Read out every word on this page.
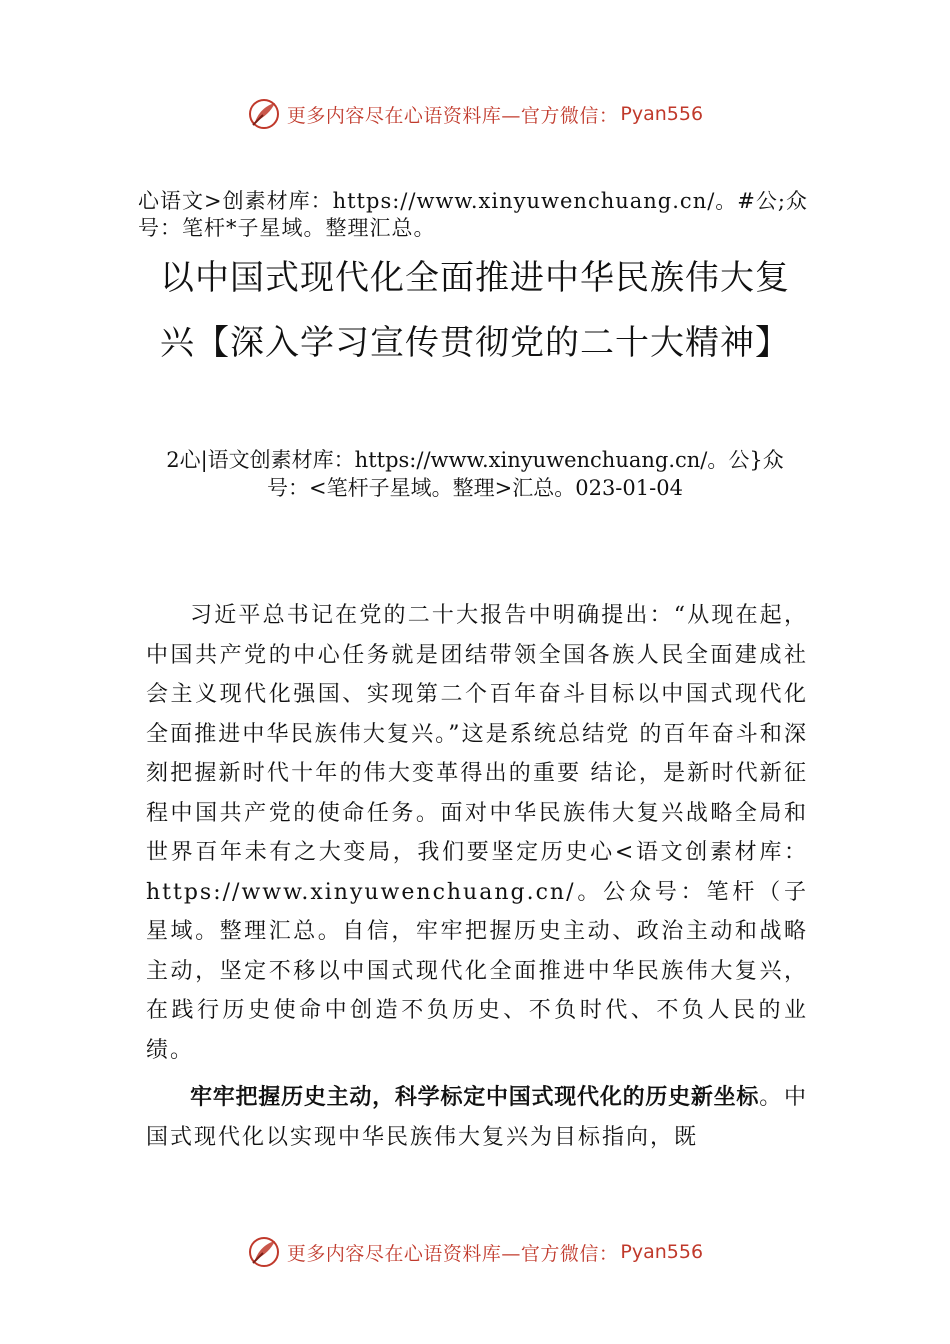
更多内容尽在心语资料库—官方微信： Pyan556
心语文>创素材库：https://www.xinyuwenchuang.cn/。#公;众号：笔杆*子星域。整理汇总。
以中国式现代化全面推进中华民族伟大复兴【深入学习宣传贯彻党的二十大精神】
2心|语文创素材库：https://www.xinyuwenchuang.cn/。公}众号：<笔杆子星域。整理>汇总。023-01-04

习近平总书记在党的二十大报告中明确提出：“从现在起，中国共产党的中心任务就是团结带领全国各族人民全面建成社会主义现代化强国、实现第二个百年奋斗目标以中国式现代化全面推进中华民族伟大复兴。”这是系统总结党 的百年奋斗和深刻把握新时代十年的伟大变革得出的重要 结论，是新时代新征程中国共产党的使命任务。面对中华民族伟大复兴战略全局和世界百年未有之大变局，我们要坚定历史心<语文创素材库：https://www.xinyuwenchuang.cn/。公众号：笔杆（子星域。整理汇总。自信，牢牢把握历史主动、政治主动和战略主动，坚定不移以中国式现代化全面推进中华民族伟大复兴，在践行历史使命中创造不负历史、不负时代、不负人民的业绩。

牢牢把握历史主动，科学标定中国式现代化的历史新坐标。中国式现代化以实现中华民族伟大复兴为目标指向，既

更多内容尽在心语资料库—官方微信： Pyan556
